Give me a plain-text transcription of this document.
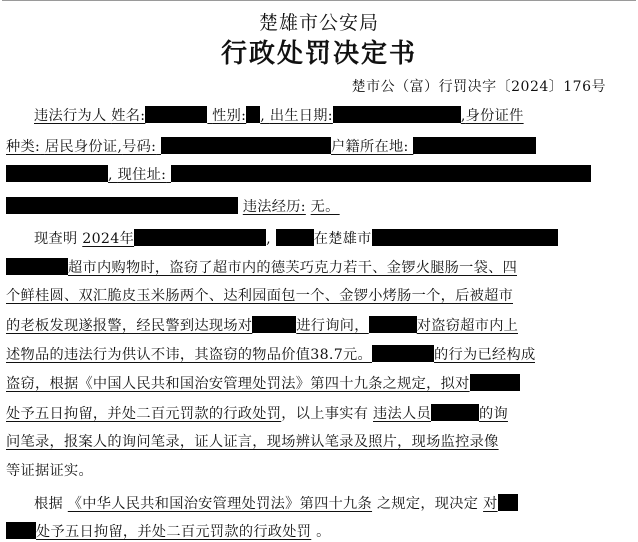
楚雄市公安局
行政处罚决定书
楚市公（富）行罚决字〔2024〕176号
违法行为人 姓名:	性别: , 出生日期:	,身份证件
种类: 居民身份证,号码:	户籍所在地:
, 现住址:
违法经历: 无。
现查明 2024年	,	在楚雄市
超市内购物时，盗窃了超市内的德芙巧克力若干、金锣火腿肠一袋、四
个鲜桂圆、双汇脆皮玉米肠两个、达利园面包一个、金锣小烤肠一个，后被超市
的老板发现遂报警，经民警到达现场对	进行询问，	对盗窃超市内上
述物品的违法行为供认不讳，其盗窃的物品价值38.7元。	的行为已经构成
盗窃，根据《中国人民共和国治安管理处罚法》第四十九条之规定，拟对
处予五日拘留，并处二百元罚款的行政处罚，以上事实有 违法人员	的询
问笔录，报案人的询问笔录，证人证言，现场辨认笔录及照片，现场监控录像
等证据证实。
根据 《中华人民共和国治安管理处罚法》第四十九条 之规定，现决定 对
处予五日拘留，并处二百元罚款的行政处罚 。
